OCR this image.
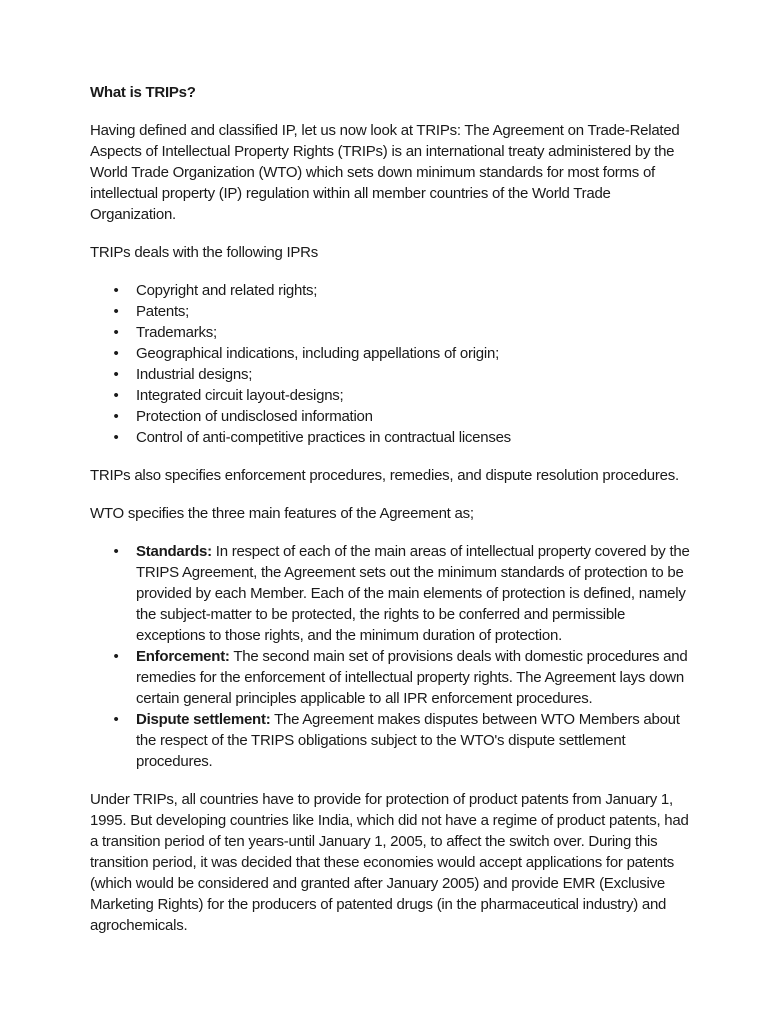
What is TRIPs?

Having defined and classified IP, let us now look at TRIPs: The Agreement on Trade-Related Aspects of Intellectual Property Rights (TRIPs) is an international treaty administered by the World Trade Organization (WTO) which sets down minimum standards for most forms of intellectual property (IP) regulation within all member countries of the World Trade Organization.

TRIPs deals with the following IPRs

• Copyright and related rights;
• Patents;
• Trademarks;
• Geographical indications, including appellations of origin;
• Industrial designs;
• Integrated circuit layout-designs;
• Protection of undisclosed information
• Control of anti-competitive practices in contractual licenses

TRIPs also specifies enforcement procedures, remedies, and dispute resolution procedures.

WTO specifies the three main features of the Agreement as;

• Standards: In respect of each of the main areas of intellectual property covered by the TRIPS Agreement, the Agreement sets out the minimum standards of protection to be provided by each Member. Each of the main elements of protection is defined, namely the subject-matter to be protected, the rights to be conferred and permissible exceptions to those rights, and the minimum duration of protection.
• Enforcement: The second main set of provisions deals with domestic procedures and remedies for the enforcement of intellectual property rights. The Agreement lays down certain general principles applicable to all IPR enforcement procedures.
• Dispute settlement: The Agreement makes disputes between WTO Members about the respect of the TRIPS obligations subject to the WTO's dispute settlement procedures.

Under TRIPs, all countries have to provide for protection of product patents from January 1, 1995. But developing countries like India, which did not have a regime of product patents, had a transition period of ten years-until January 1, 2005, to affect the switch over. During this transition period, it was decided that these economies would accept applications for patents (which would be considered and granted after January 2005) and provide EMR (Exclusive Marketing Rights) for the producers of patented drugs (in the pharmaceutical industry) and agrochemicals.
